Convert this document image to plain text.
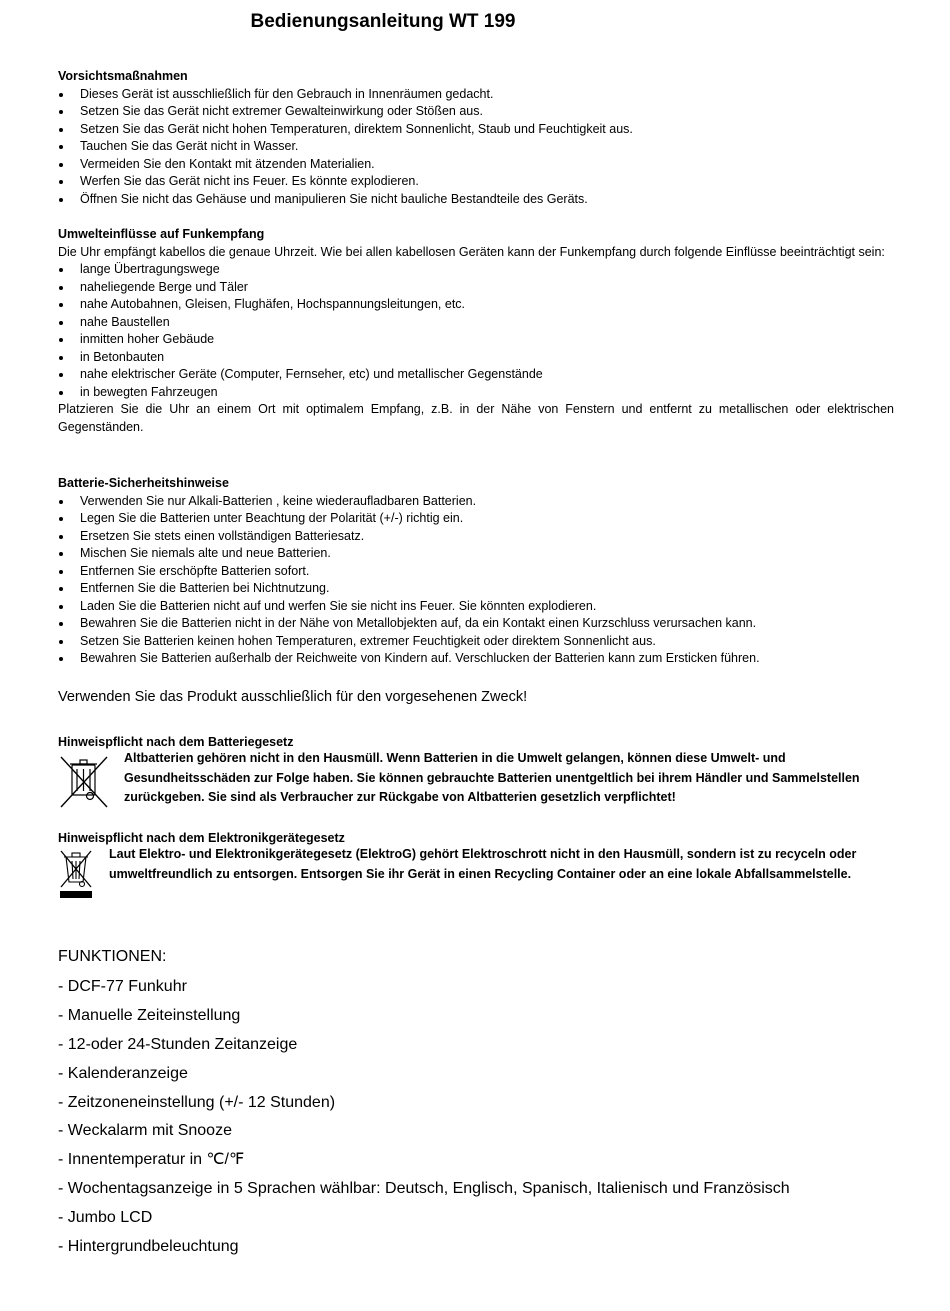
Bedienungsanleitung WT 199

Vorsichtsmaßnahmen

Dieses Gerät ist ausschließlich für den Gebrauch in Innenräumen gedacht.
Setzen Sie das Gerät nicht extremer Gewalteinwirkung oder Stößen aus.
Setzen Sie das Gerät nicht hohen Temperaturen, direktem Sonnenlicht, Staub und Feuchtigkeit aus.
Tauchen Sie das Gerät nicht in Wasser.
Vermeiden Sie den Kontakt mit ätzenden Materialien.
Werfen Sie das Gerät nicht ins Feuer. Es könnte explodieren.
Öffnen Sie nicht das Gehäuse und manipulieren Sie nicht bauliche Bestandteile des Geräts.

Umwelteinflüsse auf Funkempfang

Die Uhr empfängt kabellos die genaue Uhrzeit. Wie bei allen kabellosen Geräten kann der Funkempfang durch folgende Einflüsse beeinträchtigt sein:

lange Übertragungswege
naheliegende Berge und Täler
nahe Autobahnen, Gleisen, Flughäfen, Hochspannungsleitungen, etc.
nahe Baustellen
inmitten hoher Gebäude
in Betonbauten
nahe elektrischer Geräte (Computer, Fernseher, etc) und metallischer Gegenstände
in bewegten Fahrzeugen

Platzieren Sie die Uhr an einem Ort mit optimalem Empfang, z.B. in der Nähe von Fenstern und entfernt zu metallischen oder elektrischen Gegenständen.

Batterie-Sicherheitshinweise

Verwenden Sie nur Alkali-Batterien , keine wiederaufladbaren Batterien.
Legen Sie die Batterien unter Beachtung der Polarität (+/-) richtig ein.
Ersetzen Sie stets einen vollständigen Batteriesatz.
Mischen Sie niemals alte und neue Batterien.
Entfernen Sie erschöpfte Batterien sofort.
Entfernen Sie die Batterien bei Nichtnutzung.
Laden Sie die Batterien nicht auf und werfen Sie sie nicht ins Feuer. Sie könnten explodieren.
Bewahren Sie die Batterien nicht in der Nähe von Metallobjekten auf, da ein Kontakt einen Kurzschluss verursachen kann.
Setzen Sie Batterien keinen hohen Temperaturen, extremer Feuchtigkeit oder direktem Sonnenlicht aus.
Bewahren Sie Batterien außerhalb der Reichweite von Kindern auf. Verschlucken der Batterien kann zum Ersticken führen.

Verwenden Sie das Produkt ausschließlich für den vorgesehenen Zweck!

Hinweispflicht nach dem Batteriegesetz

Altbatterien gehören nicht in den Hausmüll. Wenn Batterien in die Umwelt gelangen, können diese Umwelt- und Gesundheitsschäden zur Folge haben. Sie können gebrauchte Batterien unentgeltlich bei ihrem Händler und Sammelstellen zurückgeben. Sie sind als Verbraucher zur Rückgabe von Altbatterien gesetzlich verpflichtet!

Hinweispflicht nach dem Elektronikgerätegesetz

Laut Elektro- und Elektronikgerätegesetz (ElektroG) gehört Elektroschrott nicht in den Hausmüll, sondern ist zu recyceln oder umweltfreundlich zu entsorgen. Entsorgen Sie ihr Gerät in einen Recycling Container oder an eine lokale Abfallsammelstelle.

FUNKTIONEN:

- DCF-77 Funkuhr
- Manuelle Zeiteinstellung
- 12-oder 24-Stunden Zeitanzeige
- Kalenderanzeige
- Zeitzoneneinstellung (+/- 12 Stunden)
- Weckalarm mit Snooze
- Innentemperatur in ℃/℉
- Wochentagsanzeige in 5 Sprachen wählbar: Deutsch, Englisch, Spanisch, Italienisch und Französisch
- Jumbo LCD
- Hintergrundbeleuchtung
